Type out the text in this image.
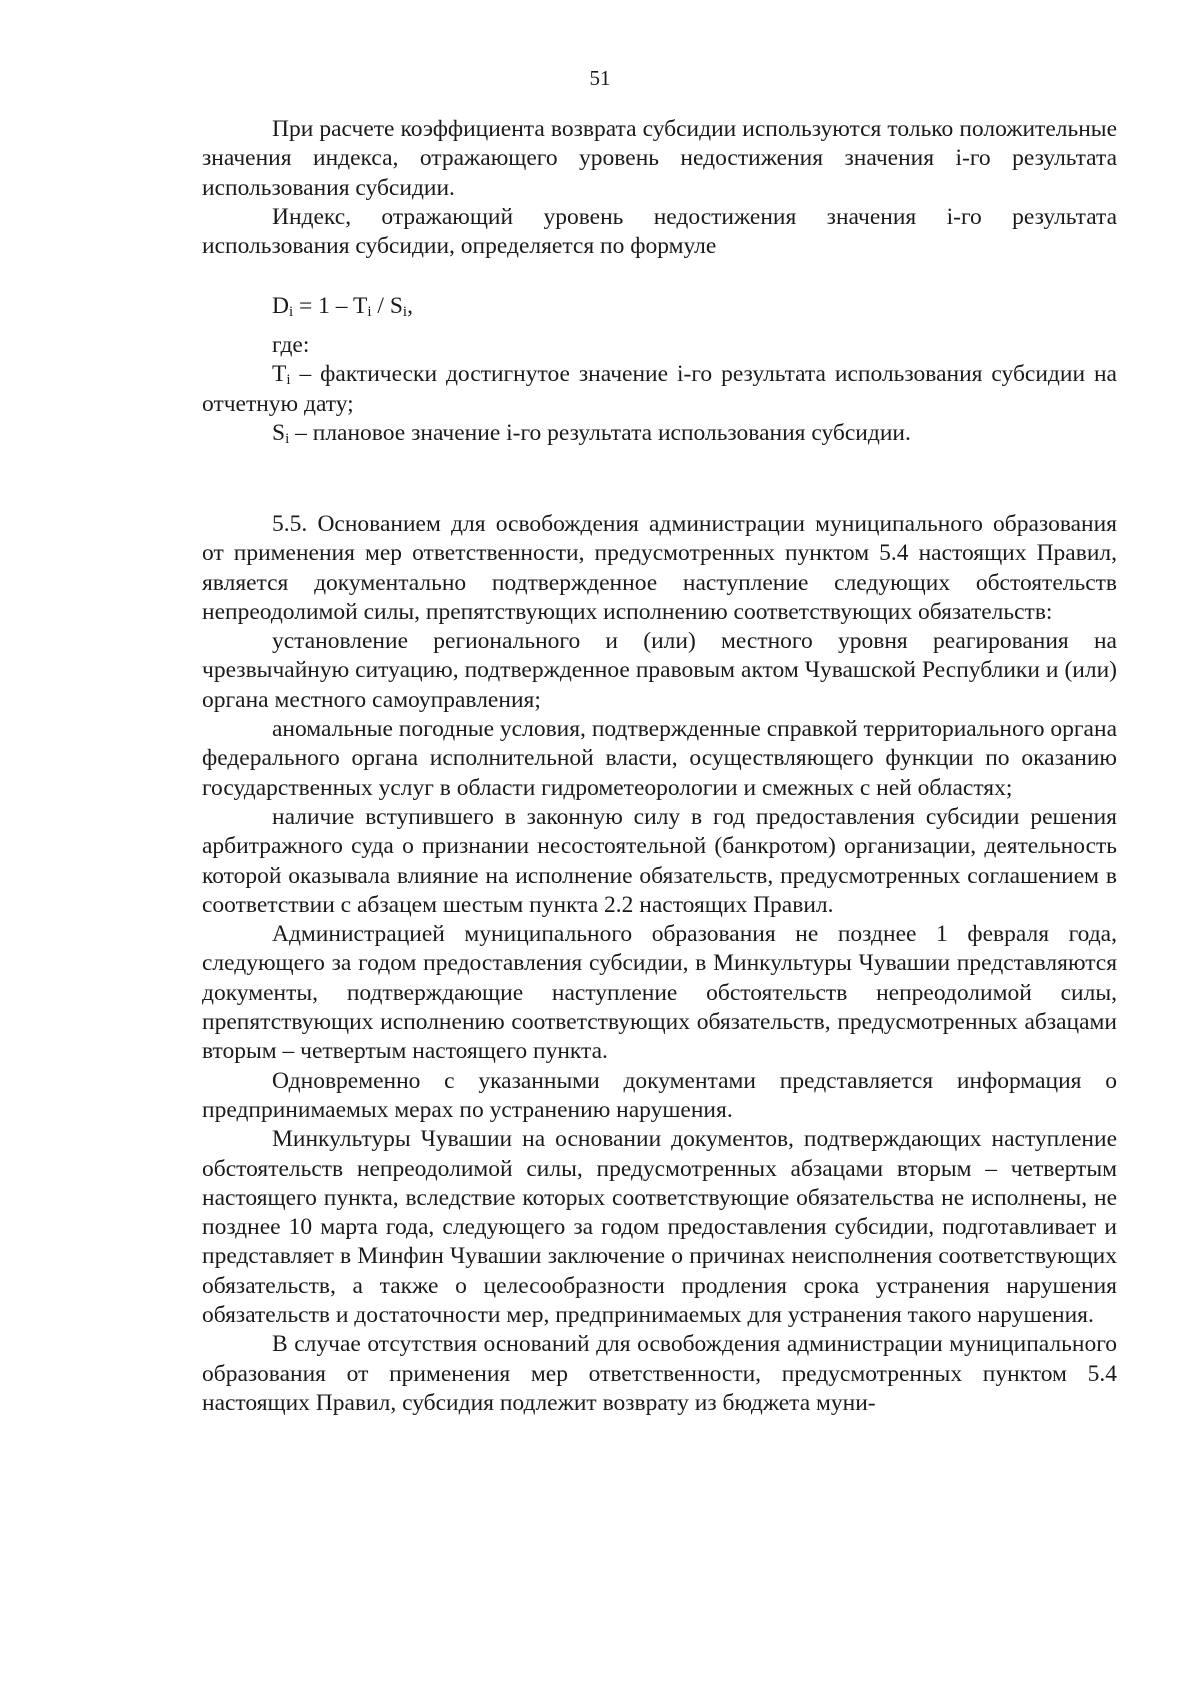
51

При расчете коэффициента возврата субсидии используются только положительные значения индекса, отражающего уровень недостижения значения i-го результата использования субсидии.

Индекс, отражающий уровень недостижения значения i-го результата использования субсидии, определяется по формуле

$D_i = 1 - T_i / S_i$,

где:

$T_i$ – фактически достигнутое значение i-го результата использования субсидии на отчетную дату;

$S_i$ – плановое значение i-го результата использования субсидии.

5.5. Основанием для освобождения администрации муниципального образования от применения мер ответственности, предусмотренных пунктом 5.4 настоящих Правил, является документально подтвержденное наступление следующих обстоятельств непреодолимой силы, препятствующих исполнению соответствующих обязательств:

установление регионального и (или) местного уровня реагирования на чрезвычайную ситуацию, подтвержденное правовым актом Чувашской Республики и (или) органа местного самоуправления;

аномальные погодные условия, подтвержденные справкой территориального органа федерального органа исполнительной власти, осуществляющего функции по оказанию государственных услуг в области гидрометеорологии и смежных с ней областях;

наличие вступившего в законную силу в год предоставления субсидии решения арбитражного суда о признании несостоятельной (банкротом) организации, деятельность которой оказывала влияние на исполнение обязательств, предусмотренных соглашением в соответствии с абзацем шестым пункта 2.2 настоящих Правил.

Администрацией муниципального образования не позднее 1 февраля года, следующего за годом предоставления субсидии, в Минкультуры Чувашии представляются документы, подтверждающие наступление обстоятельств непреодолимой силы, препятствующих исполнению соответствующих обязательств, предусмотренных абзацами вторым – четвертым настоящего пункта.

Одновременно с указанными документами представляется информация о предпринимаемых мерах по устранению нарушения.

Минкультуры Чувашии на основании документов, подтверждающих наступление обстоятельств непреодолимой силы, предусмотренных абзацами вторым – четвертым настоящего пункта, вследствие которых соответствующие обязательства не исполнены, не позднее 10 марта года, следующего за годом предоставления субсидии, подготавливает и представляет в Минфин Чувашии заключение о причинах неисполнения соответствующих обязательств, а также о целесообразности продления срока устранения нарушения обязательств и достаточности мер, предпринимаемых для устранения такого нарушения.

В случае отсутствия оснований для освобождения администрации муниципального образования от применения мер ответственности, предусмотренных пунктом 5.4 настоящих Правил, субсидия подлежит возврату из бюджета муни-
